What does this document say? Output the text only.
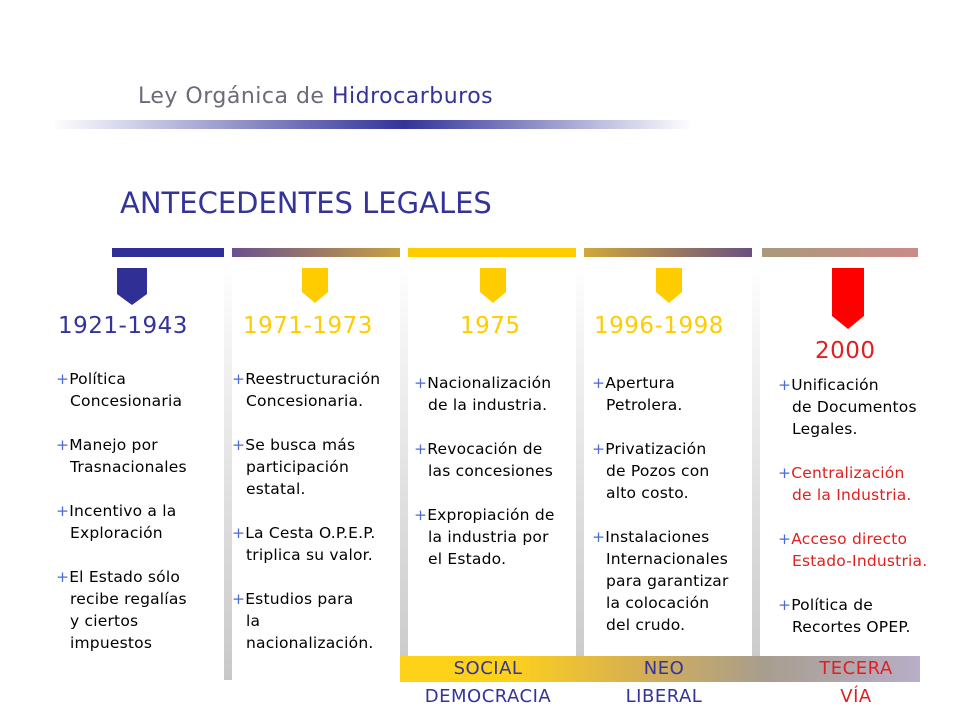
Ley Orgánica de Hidrocarburos
ANTECEDENTES LEGALES
1921-1943 1971-1973	1975	1996-1998
2000
+Política
Concesionaria
+Manejo por
Trasnacionales
+Incentivo a la
Exploración
+El Estado sólo
recibe regalías
y ciertos
impuestos
+Reestructuración
Concesionaria.
+Se busca más
participación
estatal.
+La Cesta O.P.E.P.
triplica su valor.
+Estudios para
la
nacionalización.
+Nacionalización
de la industria.
+Revocación de
las concesiones
+Expropiación de
la industria por
el Estado.
+Apertura
Petrolera.
+Privatización
de Pozos con
alto costo.
+Instalaciones
Internacionales
para garantizar
la colocación
del crudo.
+Unificación
de Documentos
Legales.
+Centralización
de la Industria.
+Acceso directo
Estado-Industria.
+Política de
Recortes OPEP.
SOCIAL
DEMOCRACIA
NEO
LIBERAL
TECERA
VÍA
